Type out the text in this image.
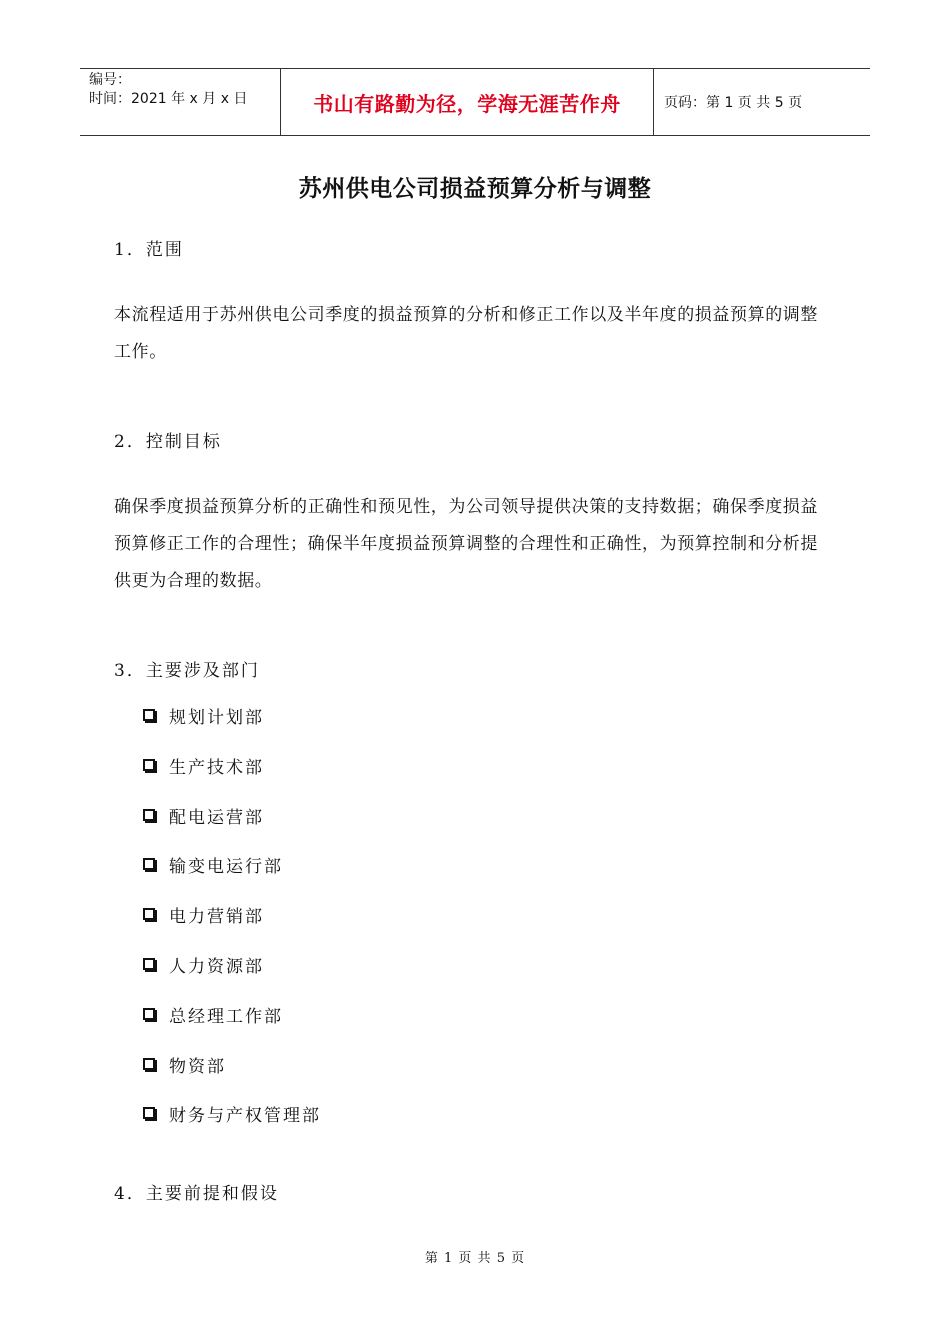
编号：
时间：2021 年 x 月 x 日	书山有路勤为径，学海无涯苦作舟	页码：第 1 页 共 5 页
苏州供电公司损益预算分析与调整
1．范围
本流程适用于苏州供电公司季度的损益预算的分析和修正工作以及半年度的损益预算的调整工作。
2．控制目标
确保季度损益预算分析的正确性和预见性，为公司领导提供决策的支持数据；确保季度损益预算修正工作的合理性；确保半年度损益预算调整的合理性和正确性，为预算控制和分析提供更为合理的数据。
3．主要涉及部门
规划计划部
生产技术部
配电运营部
输变电运行部
电力营销部
人力资源部
总经理工作部
物资部
财务与产权管理部
4．主要前提和假设
第 1 页 共 5 页
